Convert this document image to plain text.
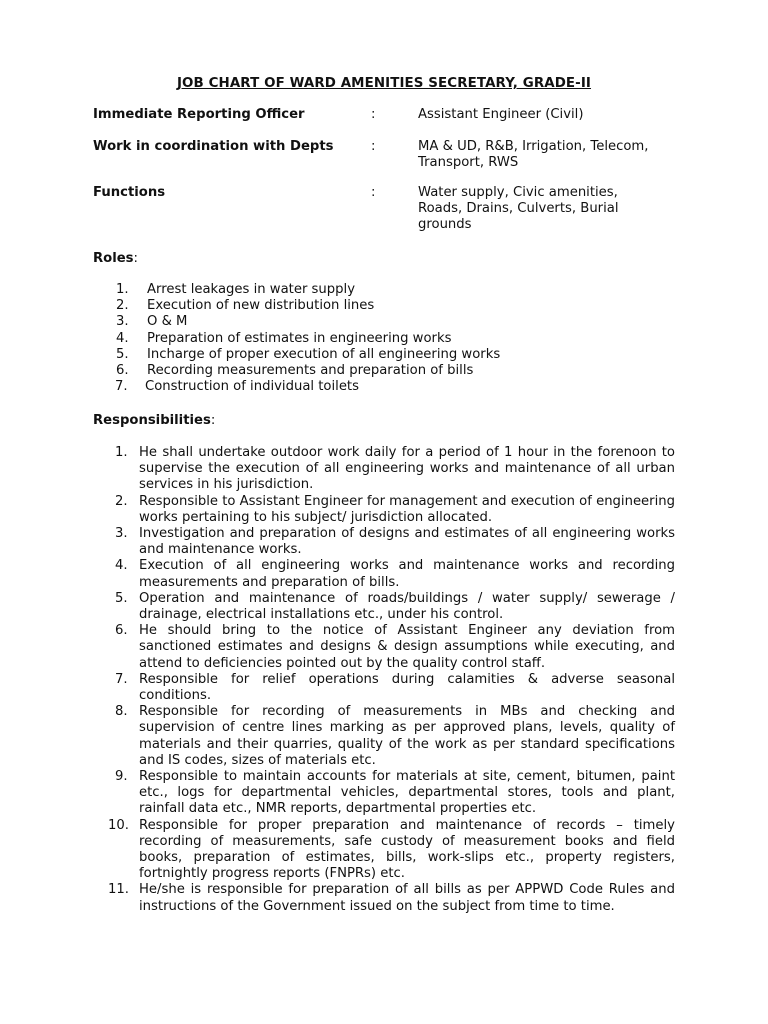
JOB CHART OF WARD AMENITIES SECRETARY, GRADE-II
Immediate Reporting Officer	:	Assistant Engineer (Civil)
Work in coordination with Depts	:	MA & UD, R&B, Irrigation, Telecom,
Transport, RWS
Functions	:	Water supply, Civic amenities,
Roads, Drains, Culverts, Burial
grounds
Roles:
1. Arrest leakages in water supply
2. Execution of new distribution lines
3. O & M
4. Preparation of estimates in engineering works
5. Incharge of proper execution of all engineering works
6. Recording measurements and preparation of bills
7. Construction of individual toilets
Responsibilities:
1. He shall undertake outdoor work daily for a period of 1 hour in the forenoon to supervise the execution of all engineering works and maintenance of all urban services in his jurisdiction.
2. Responsible to Assistant Engineer for management and execution of engineering works pertaining to his subject/ jurisdiction allocated.
3. Investigation and preparation of designs and estimates of all engineering works and maintenance works.
4. Execution of all engineering works and maintenance works and recording measurements and preparation of bills.
5. Operation and maintenance of roads/buildings / water supply/ sewerage / drainage, electrical installations etc., under his control.
6. He should bring to the notice of Assistant Engineer any deviation from sanctioned estimates and designs & design assumptions while executing, and attend to deficiencies pointed out by the quality control staff.
7. Responsible for relief operations during calamities & adverse seasonal conditions.
8. Responsible for recording of measurements in MBs and checking and supervision of centre lines marking as per approved plans, levels, quality of materials and their quarries, quality of the work as per standard specifications and IS codes, sizes of materials etc.
9. Responsible to maintain accounts for materials at site, cement, bitumen, paint etc., logs for departmental vehicles, departmental stores, tools and plant, rainfall data etc., NMR reports, departmental properties etc.
10. Responsible for proper preparation and maintenance of records – timely recording of measurements, safe custody of measurement books and field books, preparation of estimates, bills, work-slips etc., property registers, fortnightly progress reports (FNPRs) etc.
11. He/she is responsible for preparation of all bills as per APPWD Code Rules and instructions of the Government issued on the subject from time to time.
